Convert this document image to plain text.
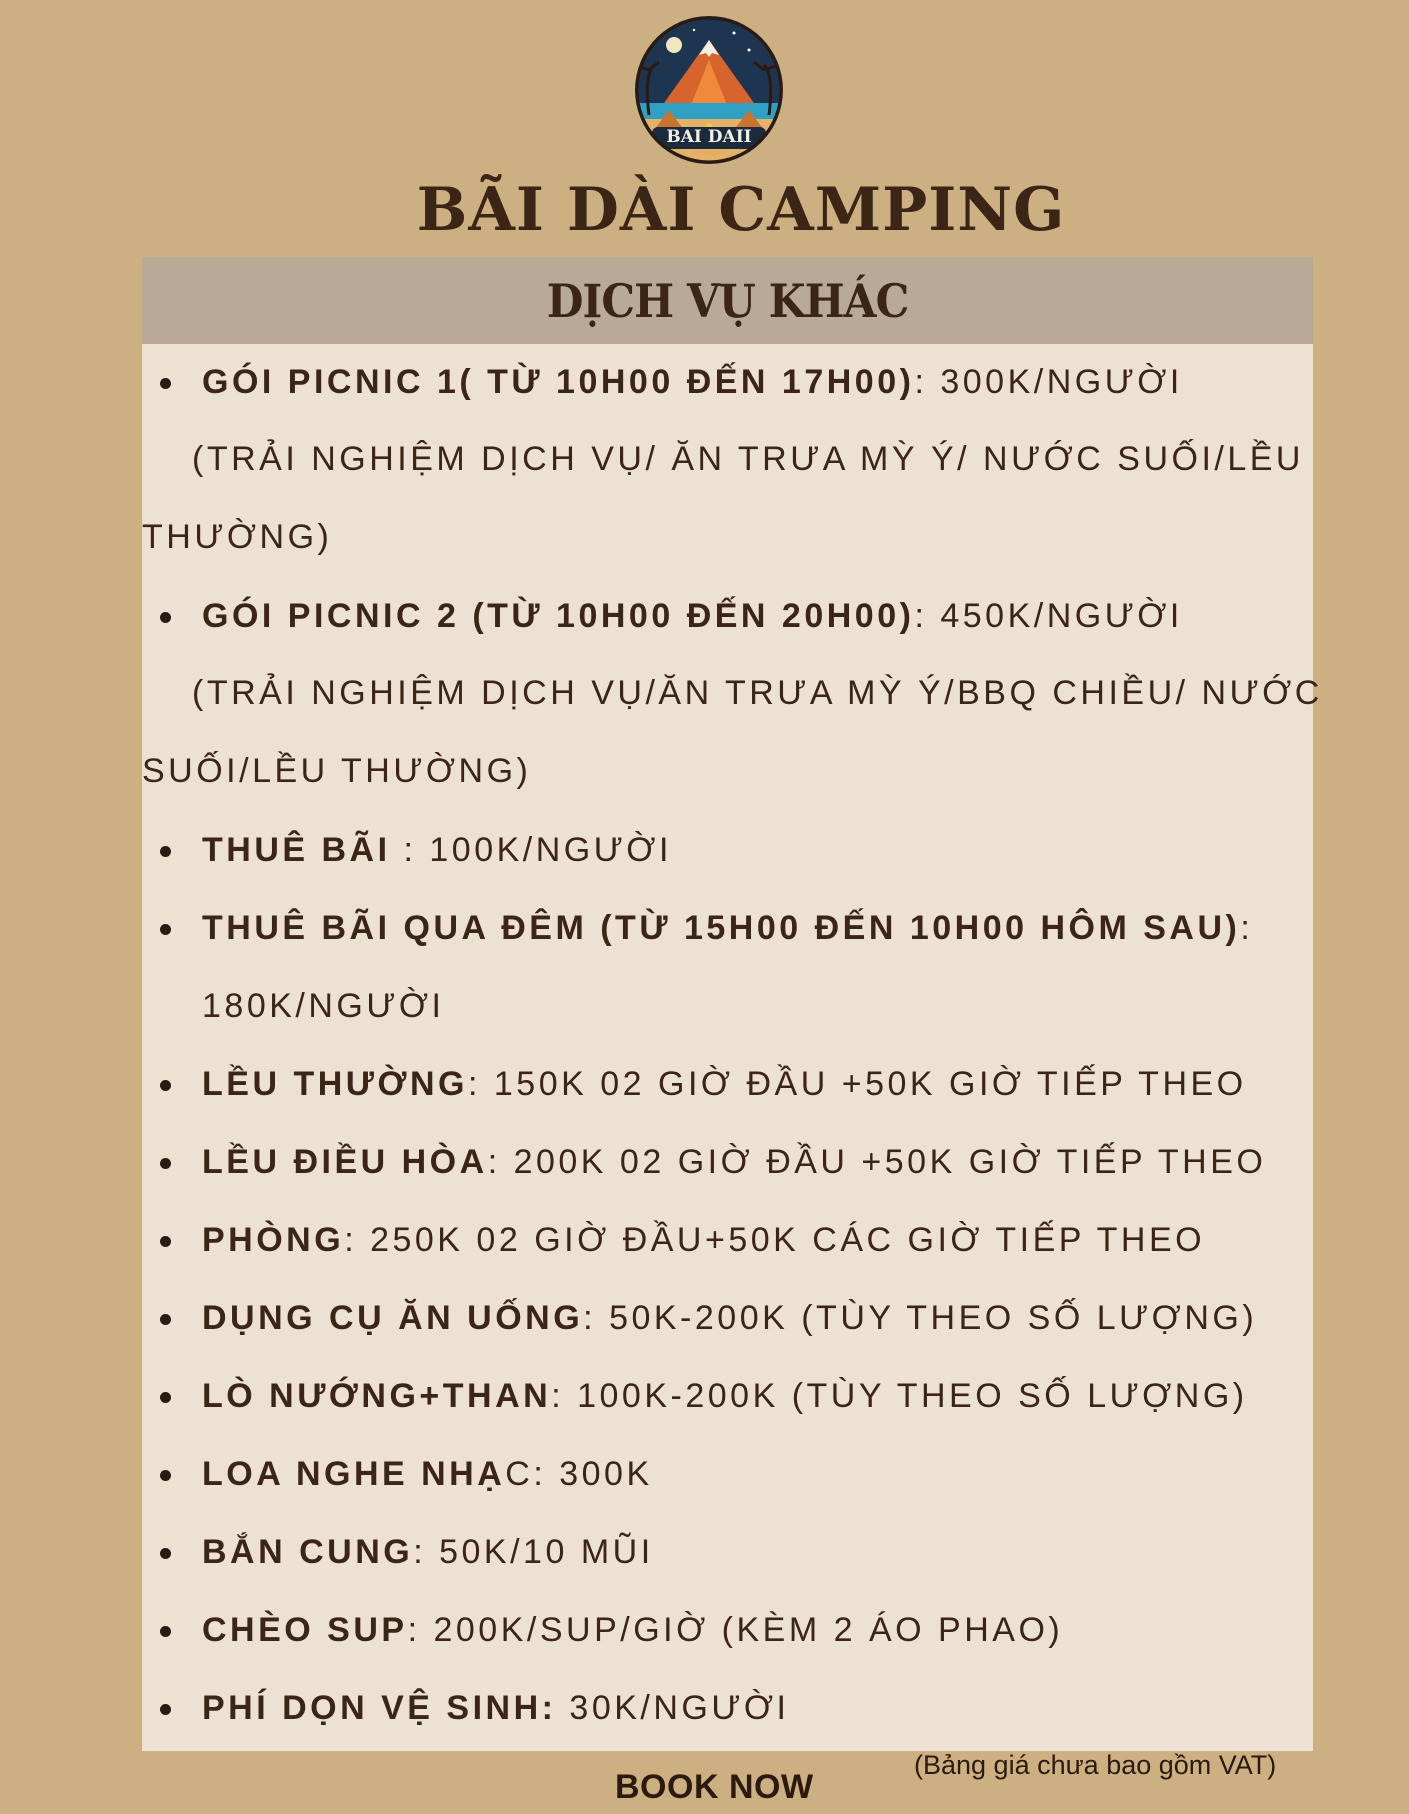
BAI DAII
CAMPING
BÃI DÀI CAMPING
DỊCH VỤ KHÁC
GÓI PICNIC 1( TỪ 10H00 ĐẾN 17H00): 300K/NGƯỜI
(TRẢI NGHIỆM DỊCH VỤ/ ĂN TRƯA MỲ Ý/ NƯỚC SUỐI/LỀU
THƯỜNG)
GÓI PICNIC 2 (TỪ 10H00 ĐẾN 20H00): 450K/NGƯỜI
(TRẢI NGHIỆM DỊCH VỤ/ĂN TRƯA MỲ Ý/BBQ CHIỀU/ NƯỚC
SUỐI/LỀU THƯỜNG)
THUÊ BÃI : 100K/NGƯỜI
THUÊ BÃI QUA ĐÊM (TỪ 15H00 ĐẾN 10H00 HÔM SAU):
180K/NGƯỜI
LỀU THƯỜNG: 150K 02 GIỜ ĐẦU +50K GIỜ TIẾP THEO
LỀU ĐIỀU HÒA: 200K 02 GIỜ ĐẦU +50K GIỜ TIẾP THEO
PHÒNG: 250K 02 GIỜ ĐẦU+50K CÁC GIỜ TIẾP THEO
DỤNG CỤ ĂN UỐNG: 50K-200K (TÙY THEO SỐ LƯỢNG)
LÒ NƯỚNG+THAN: 100K-200K (TÙY THEO SỐ LƯỢNG)
LOA NGHE NHẠC: 300K
BẮN CUNG: 50K/10 MŨI
CHÈO SUP: 200K/SUP/GIỜ (KÈM 2 ÁO PHAO)
PHÍ DỌN VỆ SINH: 30K/NGƯỜI
BOOK NOW
(Bảng giá chưa bao gồm VAT)
